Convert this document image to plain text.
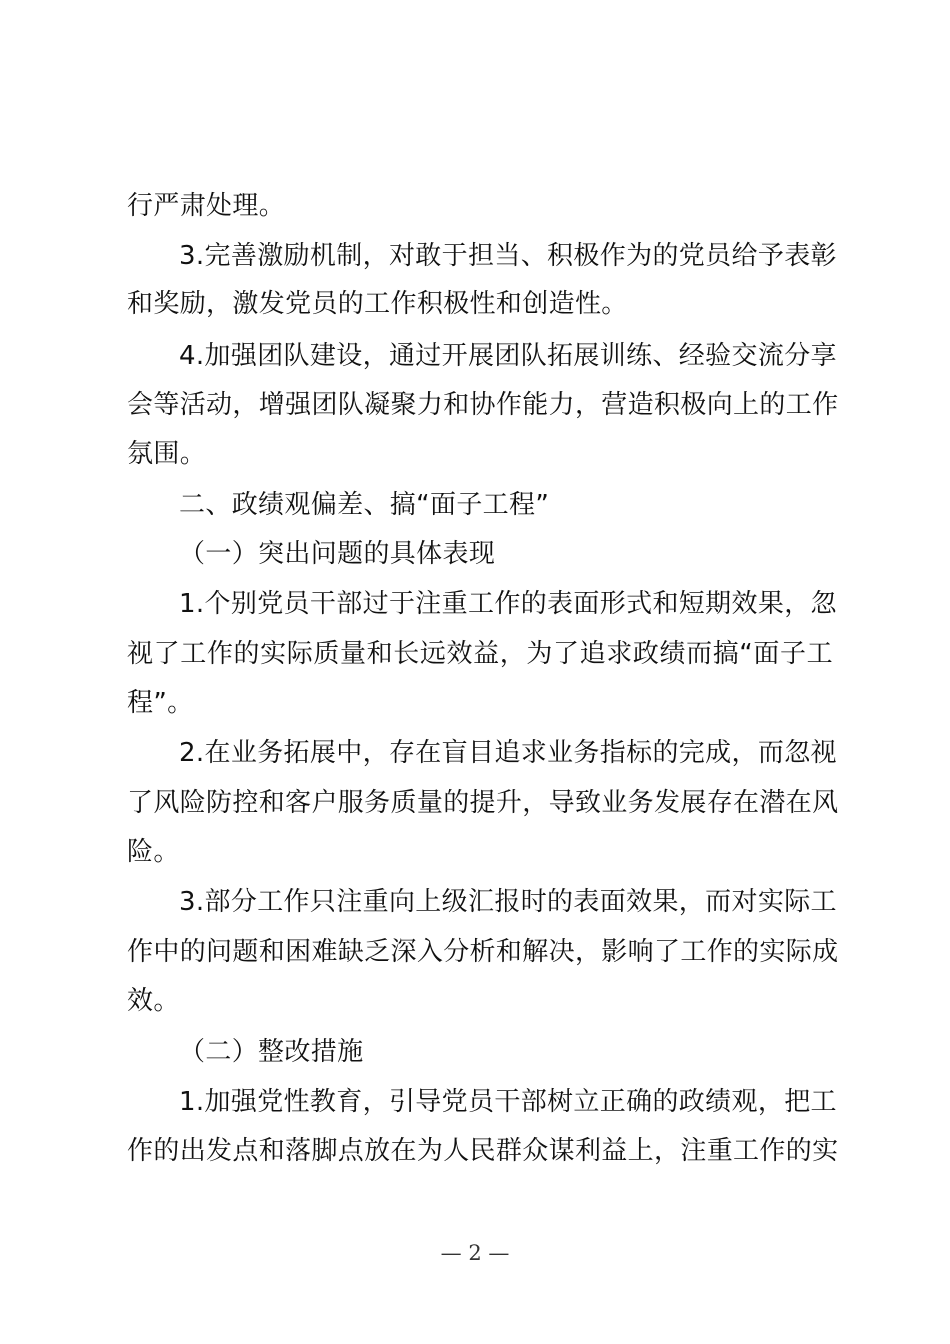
行严肃处理。
3.完善激励机制，对敢于担当、积极作为的党员给予表彰
和奖励，激发党员的工作积极性和创造性。
4.加强团队建设，通过开展团队拓展训练、经验交流分享
会等活动，增强团队凝聚力和协作能力，营造积极向上的工作
氛围。
二、政绩观偏差、搞“面子工程”
（一）突出问题的具体表现
1.个别党员干部过于注重工作的表面形式和短期效果，忽
视了工作的实际质量和长远效益，为了追求政绩而搞“面子工
程”。
2.在业务拓展中，存在盲目追求业务指标的完成，而忽视
了风险防控和客户服务质量的提升，导致业务发展存在潜在风
险。
3.部分工作只注重向上级汇报时的表面效果，而对实际工
作中的问题和困难缺乏深入分析和解决，影响了工作的实际成
效。
（二）整改措施
1.加强党性教育，引导党员干部树立正确的政绩观，把工
作的出发点和落脚点放在为人民群众谋利益上，注重工作的实
— 2 —
